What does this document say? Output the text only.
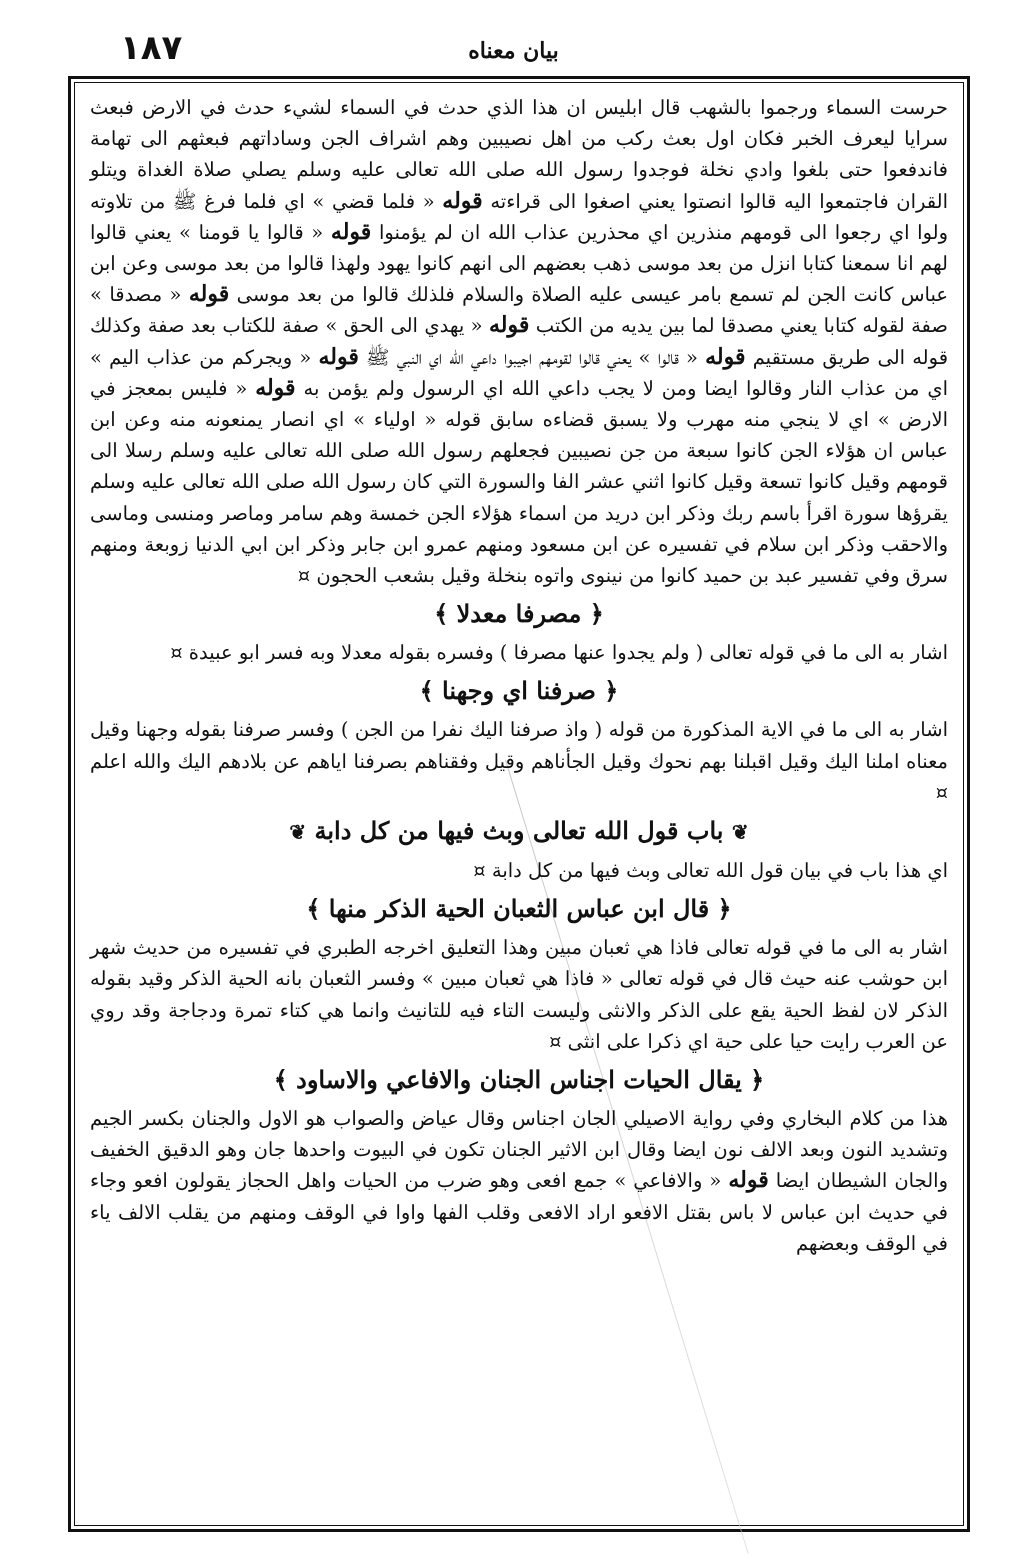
١٨٧	بيان معناه

حرست السماء ورجموا بالشهب قال ابليس ان هذا الذي حدث في السماء لشيء حدث في الارض فبعث سرايا ليعرف الخبر فكان اول بعث ركب من اهل نصيبين وهم اشراف الجن وساداتهم فبعثهم الى تهامة فاندفعوا حتى بلغوا وادي نخلة فوجدوا رسول الله صلى الله تعالى عليه وسلم يصلي صلاة الغداة ويتلو القران فاجتمعوا اليه قالوا انصتوا يعني اصغوا الى قراءته قوله « فلما قضي » اي فلما فرغ ﷺ من تلاوته ولوا اي رجعوا الى قومهم منذرين اي محذرين عذاب الله ان لم يؤمنوا قوله « قالوا يا قومنا » يعني قالوا لهم انا سمعنا كتابا انزل من بعد موسى ذهب بعضهم الى انهم كانوا يهود ولهذا قالوا من بعد موسى وعن ابن عباس كانت الجن لم تسمع بامر عيسى عليه الصلاة والسلام فلذلك قالوا من بعد موسى قوله « مصدقا » صفة لقوله كتابا يعني مصدقا لما بين يديه من الكتب قوله « يهدي الى الحق » صفة للكتاب بعد صفة وكذلك قوله الى طريق مستقيم قوله « قالوا » يعني قالوا لقومهم اجيبوا داعي الله اي النبي ﷺ قوله « ويجركم من عذاب اليم » اي من عذاب النار وقالوا ايضا ومن لا يجب داعي الله اي الرسول ولم يؤمن به قوله « فليس بمعجز في الارض » اي لا ينجي منه مهرب ولا يسبق قضاءه سابق قوله « اولياء » اي انصار يمنعونه منه وعن ابن عباس ان هؤلاء الجن كانوا سبعة من جن نصيبين فجعلهم رسول الله صلى الله تعالى عليه وسلم رسلا الى قومهم وقيل كانوا تسعة وقيل كانوا اثني عشر الفا والسورة التي كان رسول الله صلى الله تعالى عليه وسلم يقرؤها سورة اقرأ باسم ربك وذكر ابن دريد من اسماء هؤلاء الجن خمسة وهم سامر وماصر ومنسى وماسى والاحقب وذكر ابن سلام في تفسيره عن ابن مسعود ومنهم عمرو ابن جابر وذكر ابن ابي الدنيا زوبعة ومنهم سرق وفي تفسير عبد بن حميد كانوا من نينوى واتوه بنخلة وقيل بشعب الحجون ¤

﴿ مصرفا معدلا ﴾

اشار به الى ما في قوله تعالى ( ولم يجدوا عنها مصرفا ) وفسره بقوله معدلا وبه فسر ابو عبيدة ¤

﴿ صرفنا اي وجهنا ﴾

اشار به الى ما في الاية المذكورة من قوله ( واذ صرفنا اليك نفرا من الجن ) وفسر صرفنا بقوله وجهنا وقيل معناه املنا اليك وقيل اقبلنا بهم نحوك وقيل الجأناهم وقيل وفقناهم بصرفنا اياهم عن بلادهم اليك والله اعلم ¤

❦ باب قول الله تعالى وبث فيها من كل دابة ❦

اي هذا باب في بيان قول الله تعالى وبث فيها من كل دابة ¤

﴿ قال ابن عباس الثعبان الحية الذكر منها ﴾

اشار به الى ما في قوله تعالى فاذا هي ثعبان مبين وهذا التعليق اخرجه الطبري في تفسيره من حديث شهر ابن حوشب عنه حيث قال في قوله تعالى « فاذا هي ثعبان مبين » وفسر الثعبان بانه الحية الذكر وقيد بقوله الذكر لان لفظ الحية يقع على الذكر والانثى وليست التاء فيه للتانيث وانما هي كتاء تمرة ودجاجة وقد روي عن العرب رايت حيا على حية اي ذكرا على انثى ¤

﴿ يقال الحيات اجناس الجنان والافاعي والاساود ﴾

هذا من كلام البخاري وفي رواية الاصيلي الجان اجناس وقال عياض والصواب هو الاول والجنان بكسر الجيم وتشديد النون وبعد الالف نون ايضا وقال ابن الاثير الجنان تكون في البيوت واحدها جان وهو الدقيق الخفيف والجان الشيطان ايضا قوله « والافاعي » جمع افعى وهو ضرب من الحيات واهل الحجاز يقولون افعو وجاء في حديث ابن عباس لا باس بقتل الافعو اراد الافعى وقلب الفها واوا في الوقف ومنهم من يقلب الالف ياء في الوقف وبعضهم
